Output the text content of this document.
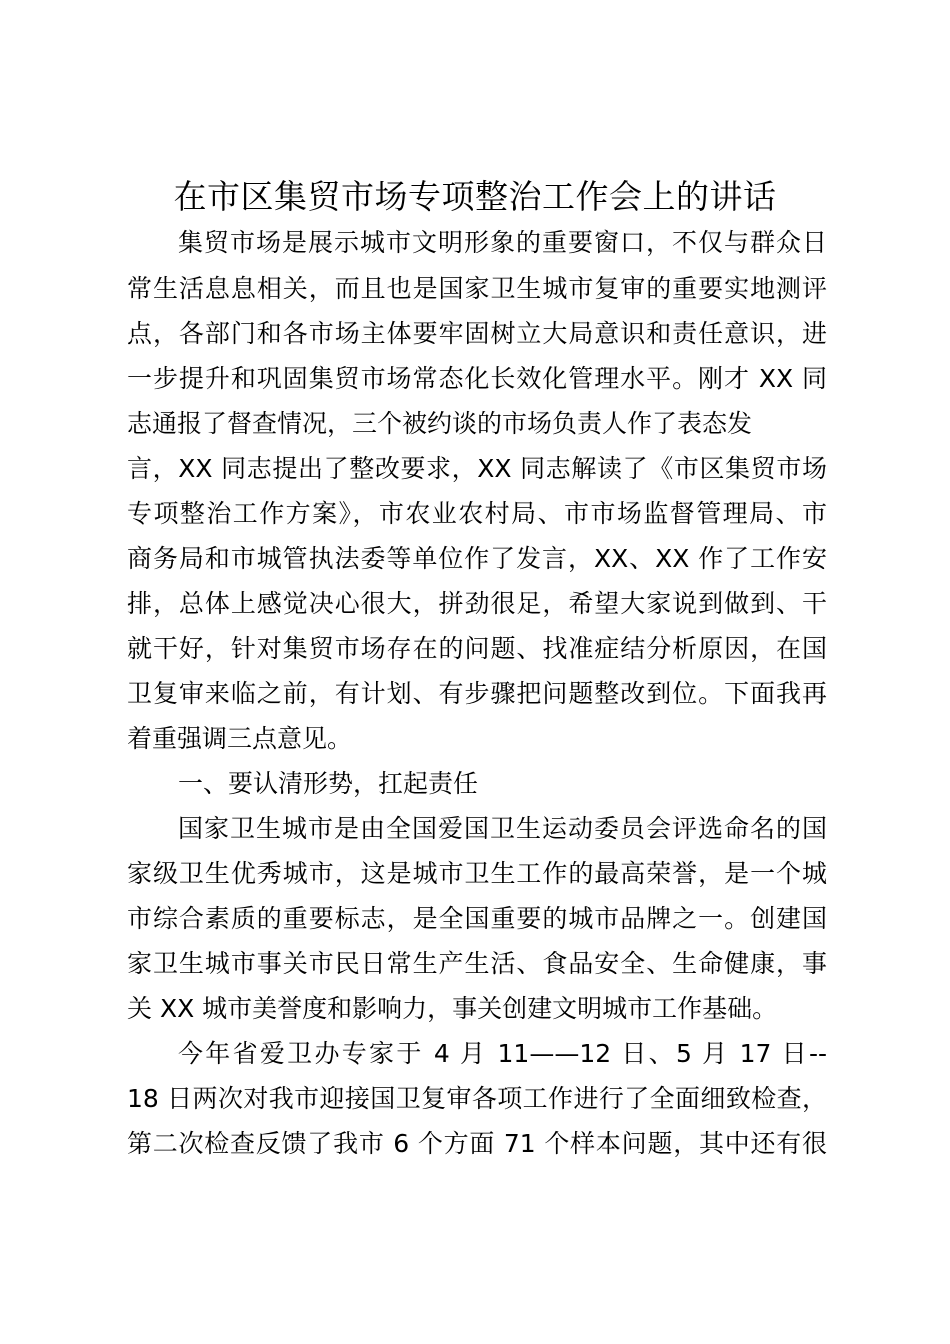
在市区集贸市场专项整治工作会上的讲话

集贸市场是展示城市文明形象的重要窗口，不仅与群众日

常生活息息相关，而且也是国家卫生城市复审的重要实地测评

点，各部门和各市场主体要牢固树立大局意识和责任意识，进

一步提升和巩固集贸市场常态化长效化管理水平。刚才 XX 同

志通报了督查情况，三个被约谈的市场负责人作了表态发

言，XX 同志提出了整改要求，XX 同志解读了《市区集贸市场

专项整治工作方案》，市农业农村局、市市场监督管理局、市

商务局和市城管执法委等单位作了发言，XX、XX 作了工作安

排，总体上感觉决心很大，拼劲很足，希望大家说到做到、干

就干好，针对集贸市场存在的问题、找准症结分析原因，在国

卫复审来临之前，有计划、有步骤把问题整改到位。下面我再

着重强调三点意见。

一、要认清形势，扛起责任

国家卫生城市是由全国爱国卫生运动委员会评选命名的国

家级卫生优秀城市，这是城市卫生工作的最高荣誉，是一个城

市综合素质的重要标志，是全国重要的城市品牌之一。创建国

家卫生城市事关市民日常生产生活、食品安全、生命健康，事

关 XX 城市美誉度和影响力，事关创建文明城市工作基础。

今年省爱卫办专家于 4 月 11——12 日、5 月 17 日--

18 日两次对我市迎接国卫复审各项工作进行了全面细致检查，

第二次检查反馈了我市 6 个方面 71 个样本问题，其中还有很
